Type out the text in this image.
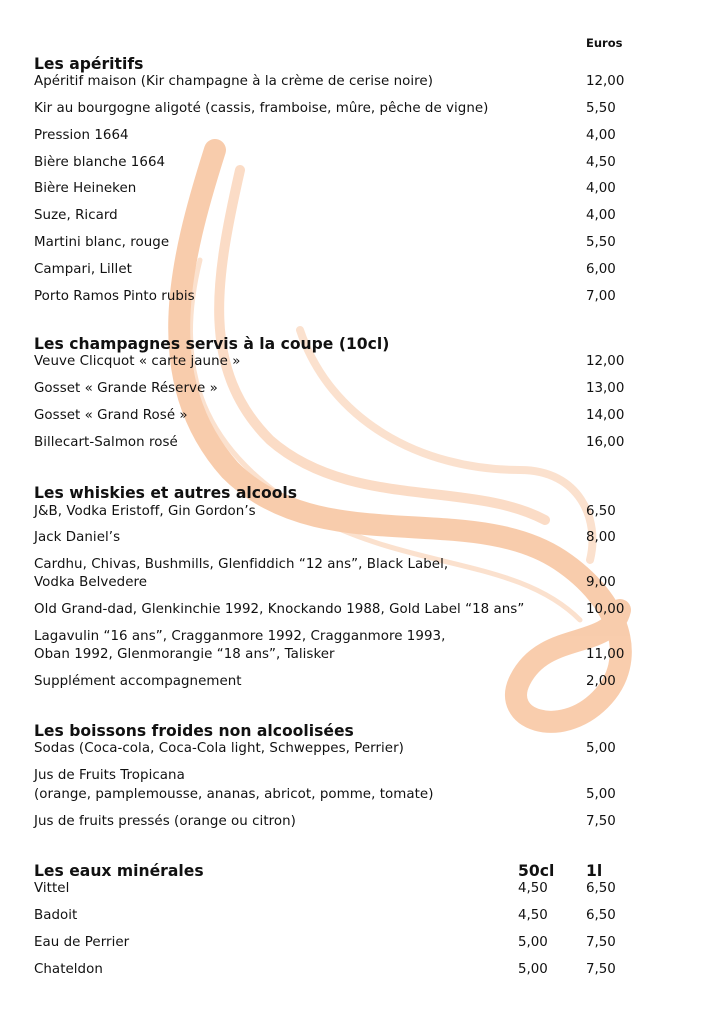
Euros
Les apéritifs
Apéritif maison (Kir champagne à la crème de cerise noire)	12,00
Kir au bourgogne aligoté (cassis, framboise, mûre, pêche de vigne)	5,50
Pression 1664	4,00
Bière blanche 1664	4,50
Bière Heineken	4,00
Suze, Ricard	4,00
Martini blanc, rouge	5,50
Campari, Lillet	6,00
Porto Ramos Pinto rubis	7,00
Les champagnes servis à la coupe (10cl)
Veuve Clicquot « carte jaune »	12,00
Gosset « Grande Réserve »	13,00
Gosset « Grand Rosé »	14,00
Billecart-Salmon rosé	16,00
Les whiskies et autres alcools
J&B, Vodka Eristoff, Gin Gordon’s	6,50
Jack Daniel’s	8,00
Cardhu, Chivas, Bushmills, Glenfiddich “12 ans”, Black Label,
Vodka Belvedere	9,00
Old Grand-dad, Glenkinchie 1992, Knockando 1988, Gold Label “18 ans”	10,00
Lagavulin “16 ans”, Cragganmore 1992, Cragganmore 1993,
Oban 1992, Glenmorangie “18 ans”, Talisker	11,00
Supplément accompagnement	2,00
Les boissons froides non alcoolisées
Sodas (Coca-cola, Coca-Cola light, Schweppes, Perrier)	5,00
Jus de Fruits Tropicana
(orange, pamplemousse, ananas, abricot, pomme, tomate)	5,00
Jus de fruits pressés (orange ou citron)	7,50
Les eaux minérales	50cl 1l
Vittel	4,50	6,50
Badoit	4,50	6,50
Eau de Perrier	5,00	7,50
Chateldon	5,00	7,50
